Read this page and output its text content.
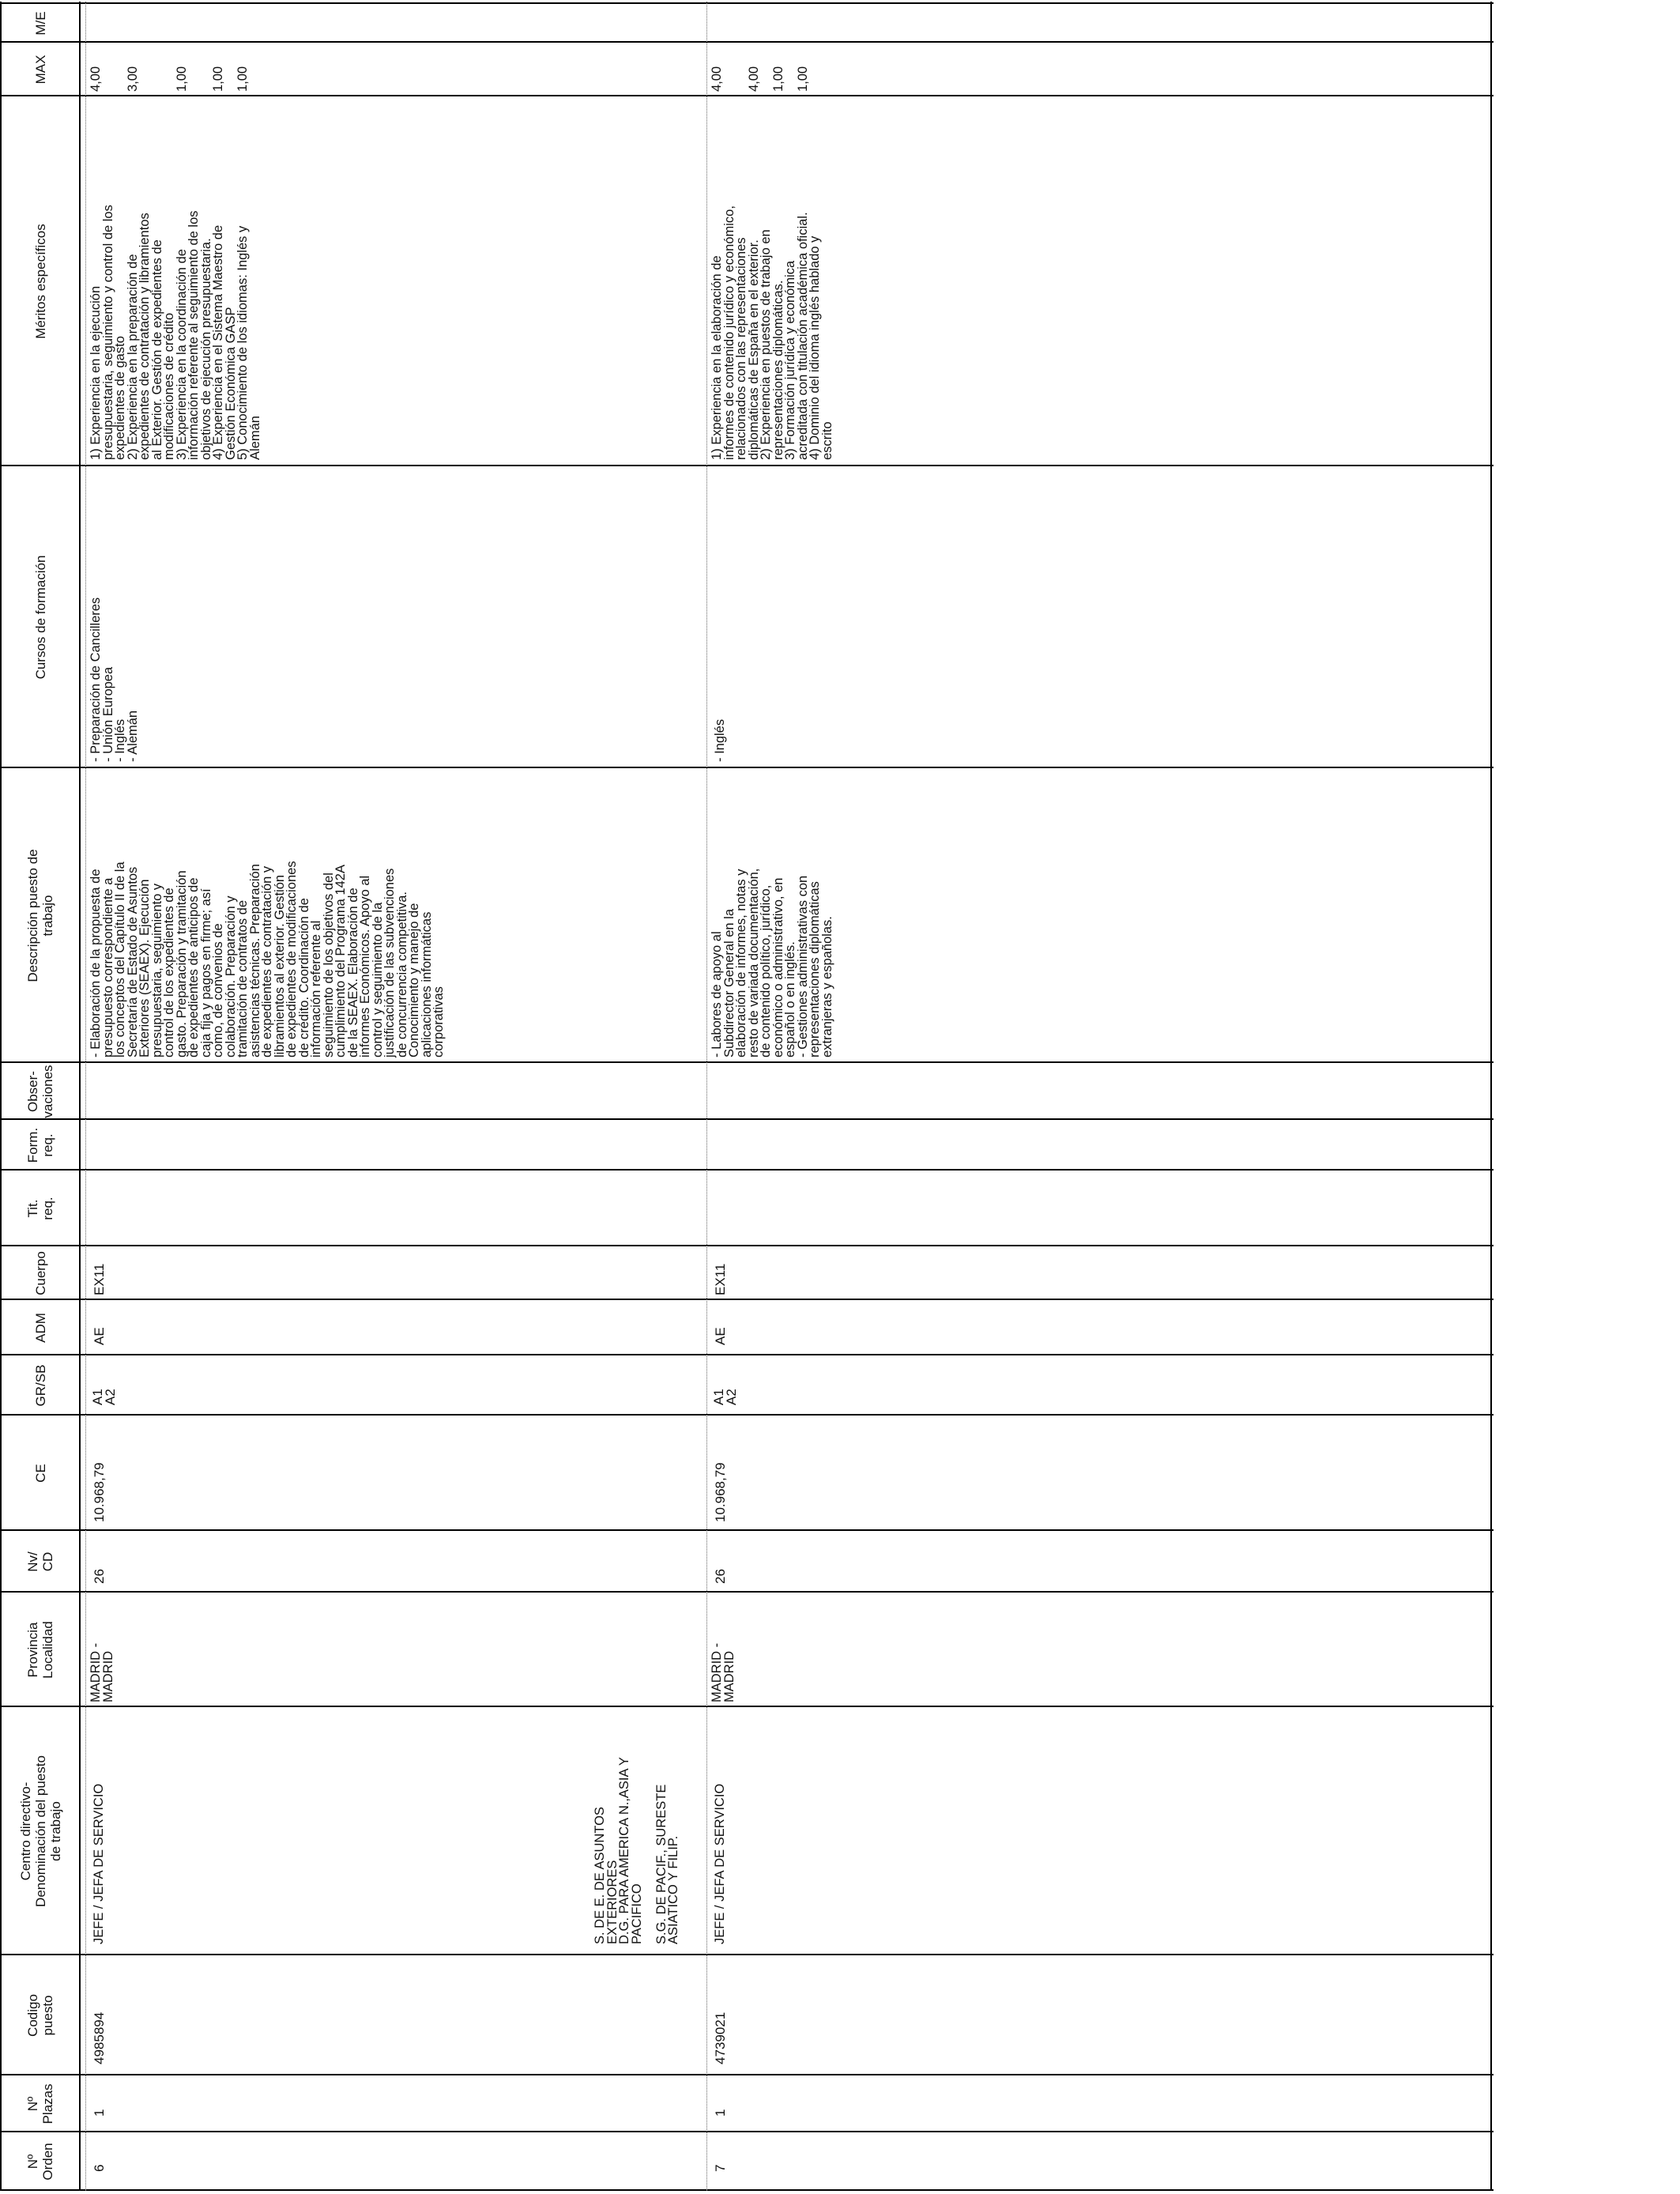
Nº
Orden
Nº
Plazas
Codigo
puesto
Centro directivo-
Denominación del puesto
de trabajo
Provincia
Localidad
Nv/
CD
CE
GR/SB
ADM
Cuerpo
Tit.
req.
Form.
req.
Obser-
vaciones
Descripción puesto de
trabajo
Cursos de formación
Méritos específicos
MAX
M/E
6
1
4985894
JEFE / JEFA DE SERVICIO
MADRID -
MADRID
26
10.968,79
A1
A2
AE
EX11
- Elaboración de la propuesta de
presupuesto correspondiente a
los conceptos del Capítulo II de la
Secretaría de Estado de Asuntos
Exteriores (SEAEX). Ejecución
presupuestaria, seguimiento y
control de los expedientes de
gasto. Preparación y tramitación
de expedientes de anticipos de
caja fija y pagos en firme; así
como, de convenios de
colaboración. Preparación y
tramitación de contratos de
asistencias técnicas. Preparación
de expedientes de contratación y
libramientos al exterior. Gestión
de expedientes de modificaciones
de crédito. Coordinación de
información referente al
seguimiento de los objetivos del
cumplimiento del Programa 142A
de la SEAEX. Elaboración de
informes Económicos. Apoyo al
control y seguimiento de la
justificación de las subvenciones
de concurrencia competitiva.
Conocimiento y manejo de
aplicaciones informáticas
corporativas
- Preparación de Cancilleres
- Unión Europea
- Inglés
- Alemán
1) Experiencia en la ejecución
presupuestaria, seguimiento y control de los
expedientes de gasto
2) Experiencia en la preparación de
expedientes de contratación y libramientos
al Exterior. Gestión de expedientes de
modificaciones de crédito
3) Experiencia en la coordinación de
información referente al seguimiento de los
objetivos de ejecución presupuestaria.
4) Experiencia en el Sistema Maestro de
Gestión Económica GASP
5) Conocimiento de los idiomas: Inglés y
Alemán
4,00

3,00

1,00

1,00

1,00
S. DE E. DE ASUNTOS
EXTERIORES
D.G. PARA AMERICA N.,ASIA Y
PACIFICO

S.G. DE PACIF., SURESTE
ASIATICO Y FILIP.
7
1
4739021
JEFE / JEFA DE SERVICIO
MADRID -
MADRID
26
10.968,79
A1
A2
AE
EX11
- Labores de apoyo al
Subdirector General en la
elaboración de informes, notas y
resto de variada documentación,
de contenido político, jurídico,
económico o administrativo, en
español o en inglés.
- Gestiones administrativas con
representaciones diplomáticas
extranjeras y españolas.
- Inglés
1) Experiencia en la elaboración de
informes de contenido jurídico y económico,
relacionados con las representaciones
diplomáticas de España en el exterior.
2) Experiencia en puestos de trabajo en
representaciones diplomáticas.
3) Formación jurídica y económica
acreditada con titulación académica oficial.
4) Dominio del idioma inglés hablado y
escrito
4,00

4,00

1,00

1,00
